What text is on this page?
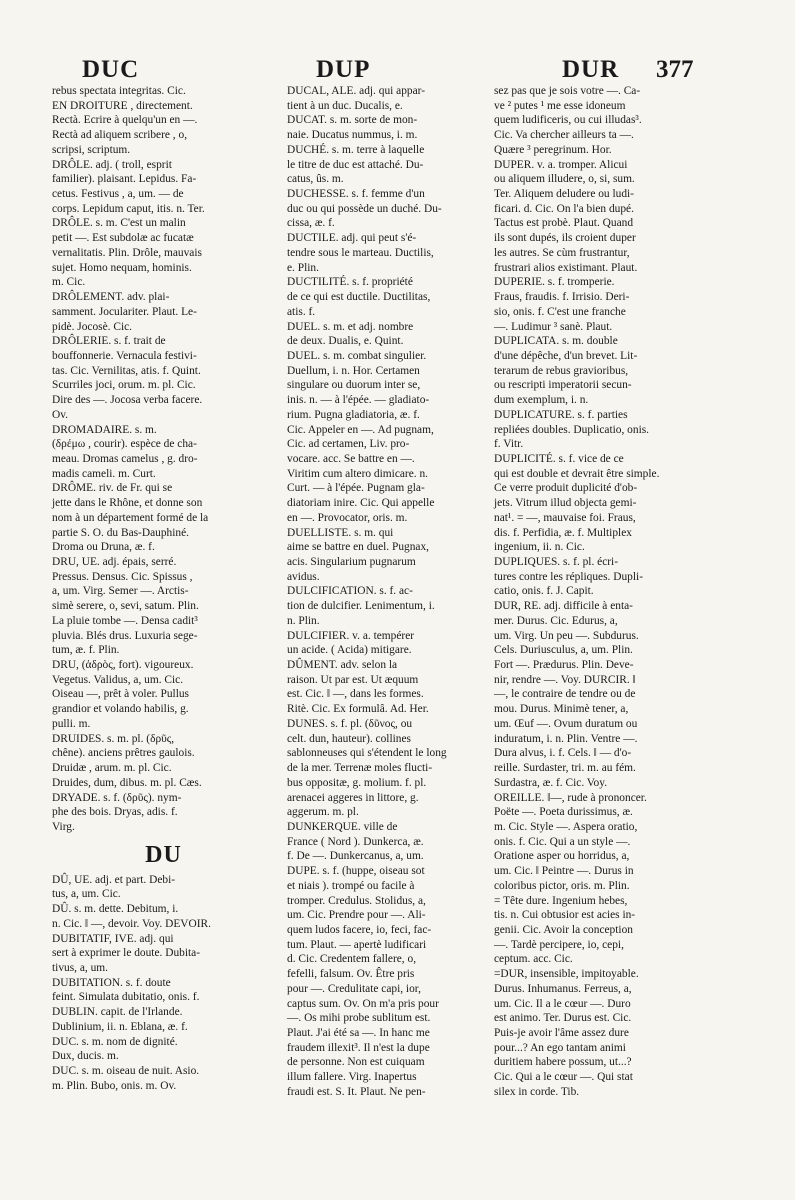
DUC	DUP	DUR 377

rebus spectata integritas. Cic.

EN DROITURE , directement.

Rectà. Ecrire à quelqu'un en —.

Rectà ad aliquem scribere , o,

scripsi, scriptum.

DRÔLE. adj. ( troll, esprit

familier). plaisant. Lepidus. Fa-

cetus. Festivus , a, um. — de

corps. Lepidum caput, itis. n. Ter.

DRÔLE. s. m. C'est un malin

petit —. Est subdolæ ac fucatæ

vernalitatis. Plin. Drôle, mauvais

sujet. Homo nequam, hominis.

m. Cic.

DRÔLEMENT. adv. plai-

samment. Joculariter. Plaut. Le-

pidè. Jocosè. Cic.

DRÔLERIE. s. f. trait de

bouffonnerie. Vernacula festivi-

tas. Cic. Vernilitas, atis. f. Quint.

Scurriles joci, orum. m. pl. Cic.

Dire des —. Jocosa verba facere.

Ov.

DROMADAIRE. s. m.

(δρέμω , courir). espèce de cha-

meau. Dromas camelus , g. dro-

madis cameli. m. Curt.

DRÔME. riv. de Fr. qui se

jette dans le Rhône, et donne son

nom à un département formé de la

partie S. O. du Bas-Dauphiné.

Droma ou Druna, æ. f.

DRU, UE. adj. épais, serré.

Pressus. Densus. Cic. Spissus ,

a, um. Virg. Semer —. Arctis-

simè serere, o, sevi, satum. Plin.

La pluie tombe —. Densa cadit³

pluvia. Blés drus. Luxuria sege-

tum, æ. f. Plin.

DRU, (ἀδρὸς, fort). vigoureux.

Vegetus. Validus, a, um. Cic.

Oiseau —, prêt à voler. Pullus

grandior et volando habilis, g.

pulli. m.

DRUIDES. s. m. pl. (δρῦς,

chêne). anciens prêtres gaulois.

Druidæ , arum. m. pl. Cic.

Druides, dum, dibus. m. pl. Cæs.

DRYADE. s. f. (δρῦς). nym-

phe des bois. Dryas, adis. f.

Virg.

DU

DÛ, UE. adj. et part. Debi-

tus, a, um. Cic.

DÛ. s. m. dette. Debitum, i.

n. Cic. ‖ —, devoir. Voy. DEVOIR.

DUBITATIF, IVE. adj. qui

sert à exprimer le doute. Dubita-

tivus, a, um.

DUBITATION. s. f. doute

feint. Simulata dubitatio, onis. f.

DUBLIN. capit. de l'Irlande.

Dublinium, ii. n. Eblana, æ. f.

DUC. s. m. nom de dignité.

Dux, ducis. m.

DUC. s. m. oiseau de nuit. Asio.

m. Plin. Bubo, onis. m. Ov.

DUCAL, ALE. adj. qui appar-

tient à un duc. Ducalis, e.

DUCAT. s. m. sorte de mon-

naie. Ducatus nummus, i. m.

DUCHÉ. s. m. terre à laquelle

le titre de duc est attaché. Du-

catus, ûs. m.

DUCHESSE. s. f. femme d'un

duc ou qui possède un duché. Du-

cissa, æ. f.

DUCTILE. adj. qui peut s'é-

tendre sous le marteau. Ductilis,

e. Plin.

DUCTILITÉ. s. f. propriété

de ce qui est ductile. Ductilitas,

atis. f.

DUEL. s. m. et adj. nombre

de deux. Dualis, e. Quint.

DUEL. s. m. combat singulier.

Duellum, i. n. Hor. Certamen

singulare ou duorum inter se,

inis. n. — à l'épée. — gladiato-

rium. Pugna gladiatoria, æ. f.

Cic. Appeler en —. Ad pugnam,

Cic. ad certamen, Liv. pro-

vocare. acc. Se battre en —.

Viritim cum altero dimicare. n.

Curt. — à l'épée. Pugnam gla-

diatoriam inire. Cic. Qui appelle

en —. Provocator, oris. m.

DUELLISTE. s. m. qui

aime se battre en duel. Pugnax,

acis. Singularium pugnarum

avidus.

DULCIFICATION. s. f. ac-

tion de dulcifier. Lenimentum, i.

n. Plin.

DULCIFIER. v. a. tempérer

un acide. ( Acida) mitigare.

DÛMENT. adv. selon la

raison. Ut par est. Ut æquum

est. Cic. ‖ —, dans les formes.

Ritè. Cic. Ex formulâ. Ad. Her.

DUNES. s. f. pl. (δῦνος, ou

celt. dun, hauteur). collines

sablonneuses qui s'étendent le long

de la mer. Terrenæ moles flucti-

bus oppositæ, g. molium. f. pl.

arenacei aggeres in littore, g.

aggerum. m. pl.

DUNKERQUE. ville de

France ( Nord ). Dunkerca, æ.

f. De —. Dunkercanus, a, um.

DUPE. s. f. (huppe, oiseau sot

et niais ). trompé ou facile à

tromper. Credulus. Stolidus, a,

um. Cic. Prendre pour —. Ali-

quem ludos facere, io, feci, fac-

tum. Plaut. — apertè ludificari

d. Cic. Credentem fallere, o,

fefelli, falsum. Ov. Être pris

pour —. Credulitate capi, ior,

captus sum. Ov. On m'a pris pour

—. Os mihi probe sublitum est.

Plaut. J'ai été sa —. In hanc me

fraudem illexit³. Il n'est la dupe

de personne. Non est cuiquam

illum fallere. Virg. Inapertus

fraudi est. S. It. Plaut. Ne pen-

sez pas que je sois votre —. Ca-

ve ² putes ¹ me esse idoneum

quem ludificeris, ou cui illudas³.

Cic. Va chercher ailleurs ta —.

Quære ³ peregrinum. Hor.

DUPER. v. a. tromper. Alicui

ou aliquem illudere, o, si, sum.

Ter. Aliquem deludere ou ludi-

ficari. d. Cic. On l'a bien dupé.

Tactus est probè. Plaut. Quand

ils sont dupés, ils croient duper

les autres. Se cùm frustrantur,

frustrari alios existimant. Plaut.

DUPERIE. s. f. tromperie.

Fraus, fraudis. f. Irrisio. Deri-

sio, onis. f. C'est une franche

—. Ludimur ³ sanè. Plaut.

DUPLICATA. s. m. double

d'une dépêche, d'un brevet. Lit-

terarum de rebus gravioribus,

ou rescripti imperatorii secun-

dum exemplum, i. n.

DUPLICATURE. s. f. parties

repliées doubles. Duplicatio, onis.

f. Vitr.

DUPLICITÉ. s. f. vice de ce

qui est double et devrait être simple.

Ce verre produit duplicité d'ob-

jets. Vitrum illud objecta gemi-

nat¹. = —, mauvaise foi. Fraus,

dis. f. Perfidia, æ. f. Multiplex

ingenium, ii. n. Cic.

DUPLIQUES. s. f. pl. écri-

tures contre les répliques. Dupli-

catio, onis. f. J. Capit.

DUR, RE. adj. difficile à enta-

mer. Durus. Cic. Edurus, a,

um. Virg. Un peu —. Subdurus.

Cels. Duriusculus, a, um. Plin.

Fort —. Prædurus. Plin. Deve-

nir, rendre —. Voy. DURCIR. ‖

—, le contraire de tendre ou de

mou. Durus. Minimè tener, a,

um. Œuf —. Ovum duratum ou

induratum, i. n. Plin. Ventre —.

Dura alvus, i. f. Cels. ‖ — d'o-

reille. Surdaster, tri. m. au fém.

Surdastra, æ. f. Cic. Voy.

OREILLE. ‖—, rude à prononcer.

Poëte —. Poeta durissimus, æ.

m. Cic. Style —. Aspera oratio,

onis. f. Cic. Qui a un style —.

Oratione asper ou horridus, a,

um. Cic. ‖ Peintre —. Durus in

coloribus pictor, oris. m. Plin.

= Tête dure. Ingenium hebes,

tis. n. Cui obtusior est acies in-

genii. Cic. Avoir la conception

—. Tardè percipere, io, cepi,

ceptum. acc. Cic.

=DUR, insensible, impitoyable.

Durus. Inhumanus. Ferreus, a,

um. Cic. Il a le cœur —. Duro

est animo. Ter. Durus est. Cic.

Puis-je avoir l'âme assez dure

pour...? An ego tantam animi

duritiem habere possum, ut...?

Cic. Qui a le cœur —. Qui stat

silex in corde. Tib.
